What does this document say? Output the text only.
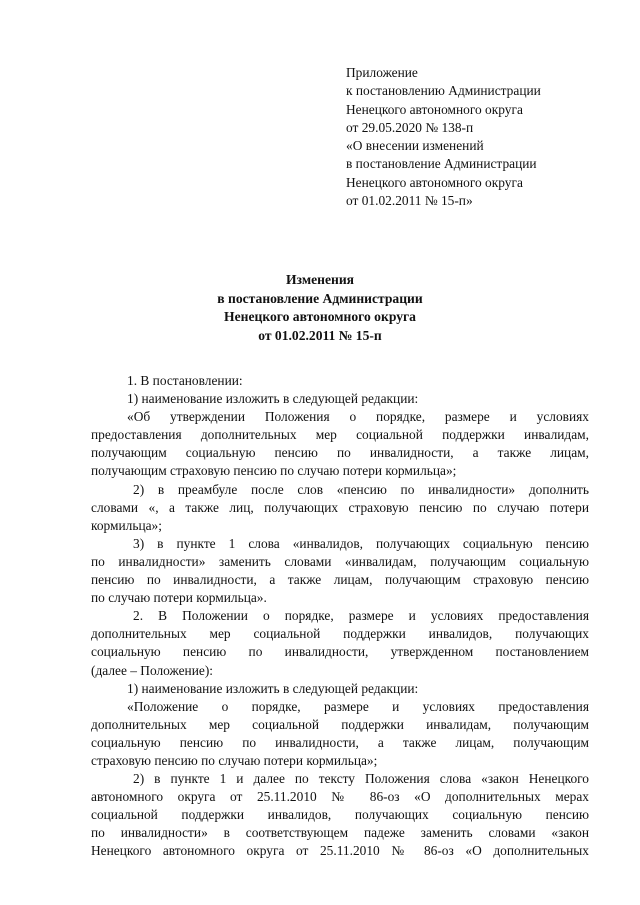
Приложение
к постановлению Администрации
Ненецкого автономного округа
от 29.05.2020 № 138-п
«О внесении изменений
в постановление Администрации
Ненецкого автономного округа
от 01.02.2011 № 15-п»
Изменения
в постановление Администрации
Ненецкого автономного округа
от 01.02.2011 № 15-п
1. В постановлении:
1) наименование изложить в следующей редакции:
«Об утверждении Положения о порядке, размере и условиях
предоставления дополнительных мер социальной поддержки инвалидам,
получающим социальную пенсию по инвалидности, а также лицам,
получающим страховую пенсию по случаю потери кормильца»;
2) в преамбуле после слов «пенсию по инвалидности» дополнить
словами «, а также лиц, получающих страховую пенсию по случаю потери
кормильца»;
3) в пункте 1 слова «инвалидов, получающих социальную пенсию
по инвалидности» заменить словами «инвалидам, получающим социальную
пенсию по инвалидности, а также лицам, получающим страховую пенсию
по случаю потери кормильца».
2. В Положении о порядке, размере и условиях предоставления
дополнительных мер социальной поддержки инвалидов, получающих
социальную пенсию по инвалидности, утвержденном постановлением
(далее – Положение):
1) наименование изложить в следующей редакции:
«Положение о порядке, размере и условиях предоставления
дополнительных мер социальной поддержки инвалидам, получающим
социальную пенсию по инвалидности, а также лицам, получающим
страховую пенсию по случаю потери кормильца»;
2) в пункте 1 и далее по тексту Положения слова «закон Ненецкого
автономного округа от 25.11.2010 № 86-оз «О дополнительных мерах
социальной поддержки инвалидов, получающих социальную пенсию
по инвалидности» в соответствующем падеже заменить словами «закон
Ненецкого автономного округа от 25.11.2010 № 86-оз «О дополнительных
